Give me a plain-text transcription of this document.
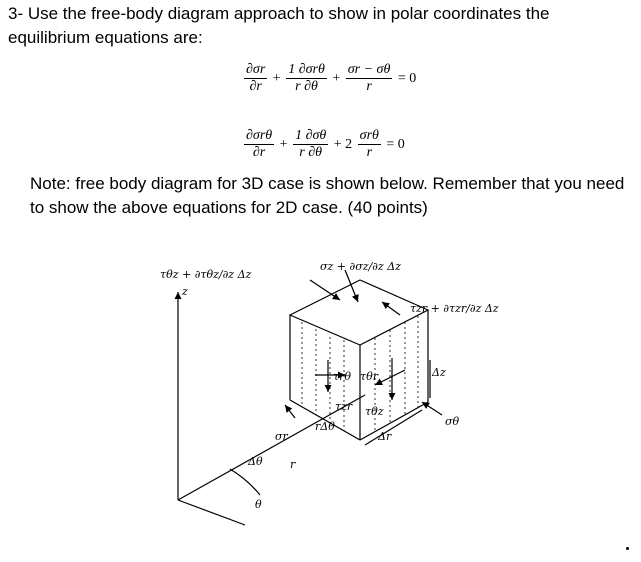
3- Use the free-body diagram approach to show in polar coordinates the equilibrium equations are:

$\frac{\partial\sigma r}{\partial r} + \frac{\text{1 ∂σrθ}}{r \partial\theta} + \frac{\sigma r - \sigma\theta}{r} = 0$
$\frac{\text{∂σrθ}}{\partial r} + \frac{1 \partial\sigma\theta}{r \partial\theta} + 2 \frac{\text{σrθ}}{r} = 0$

Note: free body diagram for 3D case is shown below. Remember that you need to show the above equations for 2D case. (40 points)

τθz + ∂τθz/∂z Δz
σz + ∂σz/∂z Δz
τzr + ∂τzr/∂z Δz
z
Δz
τrθ τθr
τzr τθz
σr
rΔθ
Δr
σθ
Δθ r
θ
